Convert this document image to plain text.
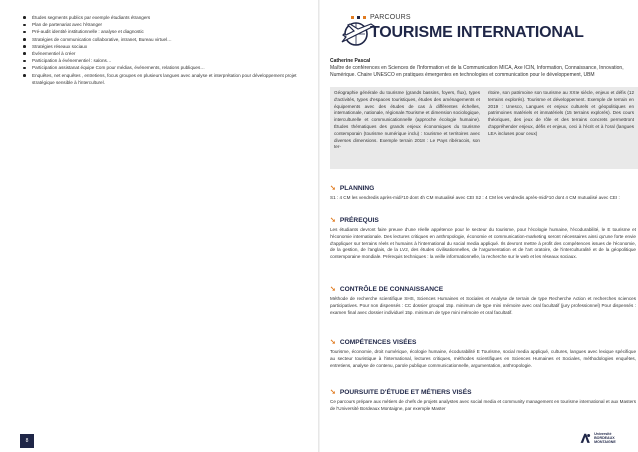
Études segments publics par exemple étudiants étrangers
Plan de partenariat avec l'étranger
Pré-audit identité institutionnelle : analyse et diagnostic
Stratégies de communication collaborative, intranet, Bureau virtuel…
Stratégies réseaux sociaux
Événementiel à créer
Participation à événementiel : salons…
Participation assistanat équipe Com pour médias, événements, relations publiques…
Enquêtes, net enquêtes , entretiens, focus groupes en plusieurs langues avec analyse et interprétation pour développement projet stratégique sensible à l'interculturel.
8
PARCOURS
TOURISME INTERNATIONAL
Catherine Pascal
Maître de conférences en Sciences de l'Information et de la Communication MICA, Axe ICIN, Information, Connaissance, Innovation, Numérique. Chaire UNESCO en pratiques émergentes en technologies et communication pour le développement, UBM
Géographie générale du tourisme (grands bassins, foyers, flux), types d'activités, types d'espaces touristiques, études des aménagements et équipements avec des études de cas à différentes échelles, internationale, nationale, régionale.Tourisme et dimension sociologique, interculturelle et communicationnelle (approche écologie humaine). Études thématiques des grands enjeux économiques du tourisme contemporain (tourisme numérique inclu) : tourisme et territoires avec diverses dimensions. Exemple terrain 2018 : Le Pays ribéracois, son ter-
ritoire, son patrimoine son tourisme au XXIe siècle, enjeux et défis (12 terrains explorés). Tourisme et développement. Exemple de terrain en 2019 : Unesco, Langues et enjeux culturels et géopolitiques en patrimoines matériels et immatériels (15 terrains explorés). Des cours théoriques, des jeux de rôle et des terrains concrets permettront d'appréhender enjeux, défis et enjeux, ceci à l'écrit et à l'oral (langues LEA incluses pour ceux)
➘ PLANNING
S1 : 4 CM les vendredis après-midi*10 dont 4h CM mutualisé avec CEI S2 : 4 CM les vendredis après-midi*10 dont 4 CM mutualisé avec CEI :
➘ PRÉREQUIS
Les étudiants devront faire preuve d'une réelle appétence pour le secteur du tourisme, pour l'écologie humaine, l'écodurabilité, le E tourisme et l'économie internationale. Des lectures critiques en anthropologie, économie et communication-marketing seront nécessaires ainsi qu'une forte envie d'appliquer sur terrains réels et humains à l'international du social media appliqué. Ils devront mettre à profit des compétences issues de l'économie, de la gestion, de l'anglais, de la LV2, des études civilisationnelles, de l'argumentation et de l'art oratoire, de l'interculturalité et de la géopolitique contemporaine mondiale. Prérequis techniques : la veille informationnelle, la recherche sur le web et les réseaux sociaux.
➘ CONTRÔLE DE CONNAISSANCE
Méthode de recherche scientifique SHS, Sciences Humaines et Sociales et Analyse de terrain de type Recherche Action et recherches sciences participatives. Pour non dispensés : CC dossier groupal 15p. minimum de type mini mémoire avec oral facultatif (jury professionnel) Pour dispensés : examen final avec dossier individuel 15p. minimum de type mini mémoire et oral facultatif.
➘ COMPÉTENCES VISÉES
Tourisme, économie, droit numérique, écologie humaine, écodurabilité E Tourisme, social media appliqué, cultures, langues avec lexique spécifique au secteur touristique à l'international, lectures critiques, méthodes scientifiques en Sciences Humaines et Sociales, méthodologies enquêtes, entretiens, analyse de contenu, parole publique communicationnelle, argumentation, anthropologie.
➘ POURSUITE D'ÉTUDE ET MÉTIERS VISÉS
Ce parcours prépare aux métiers de chefs de projets analystes avec social media et community management en tourisme international et aux Masters de l'Université Bordeaux Montaigne, par exemple Master
Université BORDEAUX MONTAIGNE
